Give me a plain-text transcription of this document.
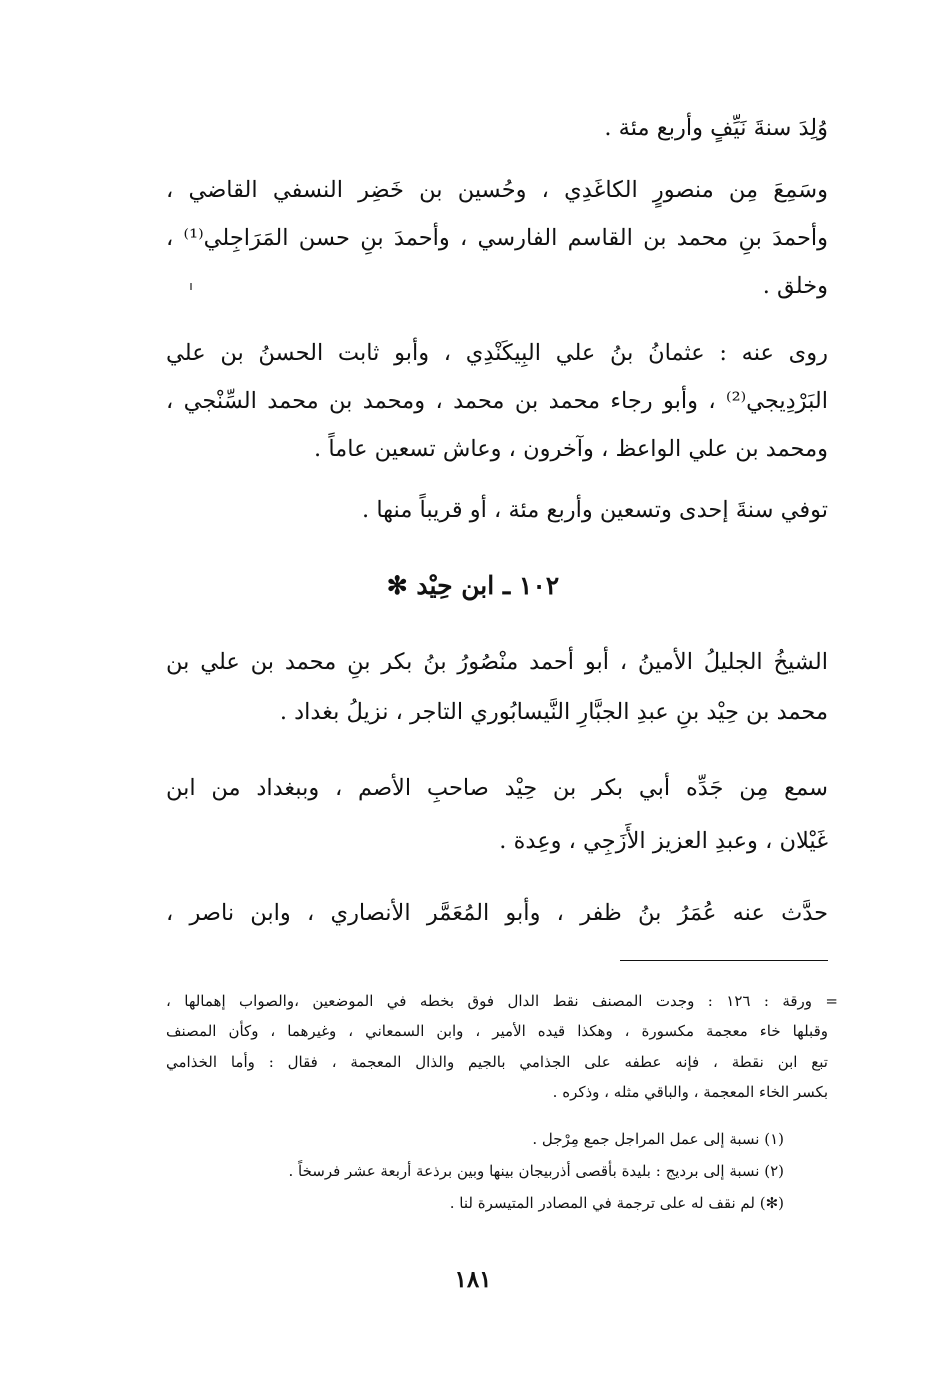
وُلِدَ سنةَ نَيِّفٍ وأربع مئة .
وسَمِعَ مِن منصورٍ الكاغَدِي ، وحُسين بن خَضِر النسفي القاضي ،
وأحمدَ بنِ محمد بن القاسم الفارسي ، وأحمدَ بنِ حسن المَرَاجِلي⁽¹⁾ ،
وخلق .
روى عنه : عثمانُ بنُ علي البِيكَنْدِي ، وأبو ثابت الحسنُ بن علي
البَرْدِيجي⁽²⁾ ، وأبو رجاء محمد بن محمد ، ومحمد بن محمد السِّنْجي ،
ومحمد بن علي الواعظ ، وآخرون ، وعاش تسعين عاماً .
توفي سنةَ إحدى وتسعين وأربع مئة ، أو قريباً منها .
١٠٢ ـ ابن حِيْد ✻
الشيخُ الجليلُ الأمينُ ، أبو أحمد منْصُورُ بنُ بكر بنِ محمد بن علي بن
محمد بن حِيْد بنِ عبدِ الجبَّارِ النَّيسابُوري التاجر ، نزيلُ بغداد .
سمع مِن جَدِّه أبي بكر بن حِيْد صاحبِ الأصم ، وببغداد من ابن
غَيْلان ، وعبدِ العزيز الأَزَجِي ، وعِدة .
حدَّث عنه عُمَرُ بنُ ظفر ، وأبو المُعَمَّر الأنصاري ، وابن ناصر ،
= ورقة : ١٢٦ : وجدت المصنف نقط الدال فوق بخطه في الموضعين ،والصواب إهمالها ،
وقبلها خاء معجمة مكسورة ، وهكذا قيده الأمير ، وابن السمعاني ، وغيرهما ، وكأن المصنف
تبع ابن نقطة ، فإنه عطفه على الجذامي بالجيم والذال المعجمة ، فقال : وأما الخذامي
بكسر الخاء المعجمة ، والباقي مثله ، وذكره .
(١) نسبة إلى عمل المراجل جمع مِرْجل .
(٢) نسبة إلى برديج : بليدة بأقصى أذربيجان بينها وبين برذعة أربعة عشر فرسخاً .
(✻) لم نقف له على ترجمة في المصادر المتيسرة لنا .
١٨١
